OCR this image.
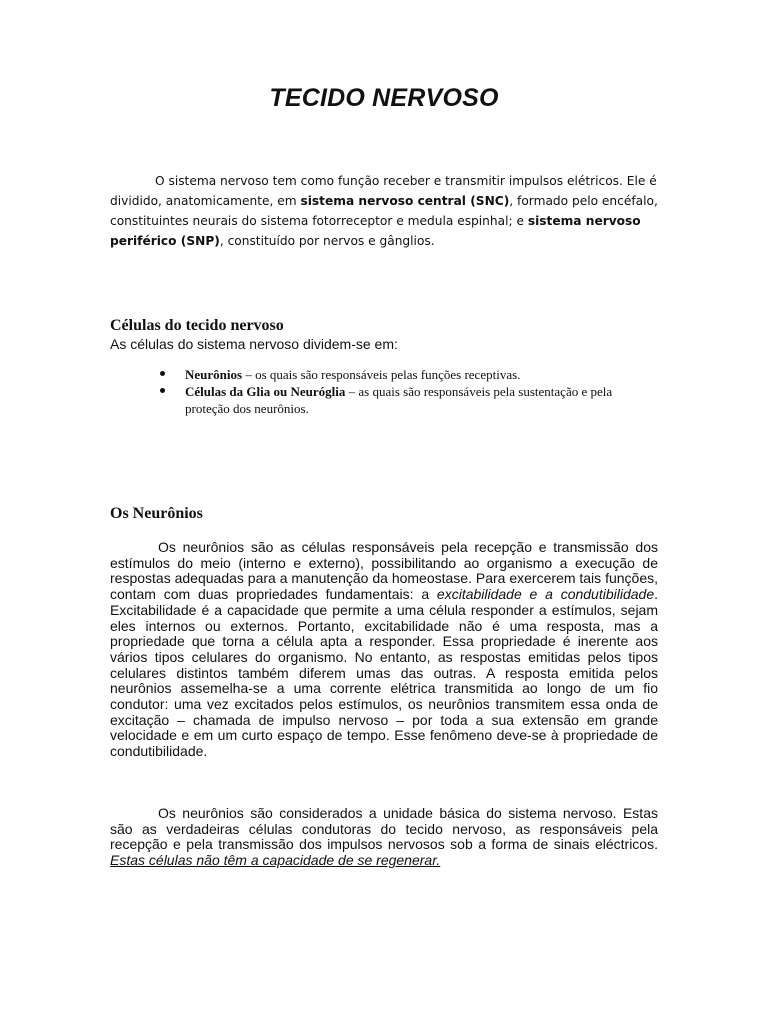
TECIDO NERVOSO

O sistema nervoso tem como função receber e transmitir impulsos elétricos. Ele é dividido, anatomicamente, em sistema nervoso central (SNC), formado pelo encéfalo, constituintes neurais do sistema fotorreceptor e medula espinhal; e sistema nervoso periférico (SNP), constituído por nervos e gânglios.

Células do tecido nervoso

As células do sistema nervoso dividem-se em:

Neurônios – os quais são responsáveis pelas funções receptivas.
Células da Glia ou Neuróglia – as quais são responsáveis pela sustentação e pela proteção dos neurônios.
Os Neurônios

Os neurônios são as células responsáveis pela recepção e transmissão dos estímulos do meio (interno e externo), possibilitando ao organismo a execução de respostas adequadas para a manutenção da homeostase. Para exercerem tais funções, contam com duas propriedades fundamentais: a excitabilidade e a condutibilidade. Excitabilidade é a capacidade que permite a uma célula responder a estímulos, sejam eles internos ou externos. Portanto, excitabilidade não é uma resposta, mas a propriedade que torna a célula apta a responder. Essa propriedade é inerente aos vários tipos celulares do organismo. No entanto, as respostas emitidas pelos tipos celulares distintos também diferem umas das outras. A resposta emitida pelos neurônios assemelha-se a uma corrente elétrica transmitida ao longo de um fio condutor: uma vez excitados pelos estímulos, os neurônios transmitem essa onda de excitação – chamada de impulso nervoso – por toda a sua extensão em grande velocidade e em um curto espaço de tempo. Esse fenômeno deve-se à propriedade de condutibilidade.

Os neurônios são considerados a unidade básica do sistema nervoso. Estas são as verdadeiras células condutoras do tecido nervoso, as responsáveis pela recepção e pela transmissão dos impulsos nervosos sob a forma de sinais eléctricos. Estas células não têm a capacidade de se regenerar.
